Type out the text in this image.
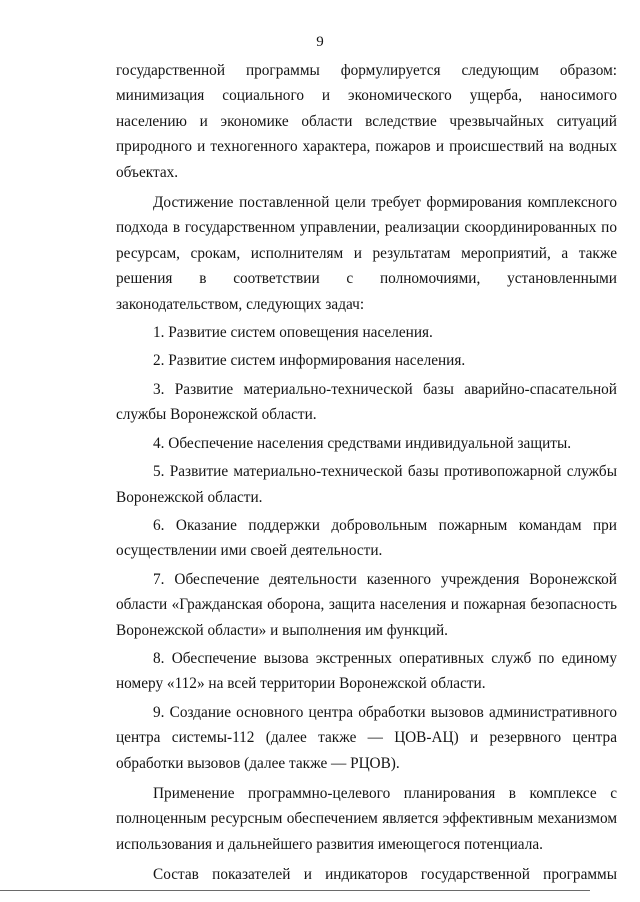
9

государственной программы формулируется следующим образом: минимизация социального и экономического ущерба, наносимого населению и экономике области вследствие чрезвычайных ситуаций природного и техногенного характера, пожаров и происшествий на водных объектах.

Достижение поставленной цели требует формирования комплексного подхода в государственном управлении, реализации скоординированных по ресурсам, срокам, исполнителям и результатам мероприятий, а также решения в соответствии с полномочиями, установленными законодательством, следующих задач:

1. Развитие систем оповещения населения.

2. Развитие систем информирования населения.

3. Развитие материально-технической базы аварийно-спасательной службы Воронежской области.

4. Обеспечение населения средствами индивидуальной защиты.

5. Развитие материально-технической базы противопожарной службы Воронежской области.

6. Оказание поддержки добровольным пожарным командам при осуществлении ими своей деятельности.

7. Обеспечение деятельности казенного учреждения Воронежской области «Гражданская оборона, защита населения и пожарная безопасность Воронежской области» и выполнения им функций.

8. Обеспечение вызова экстренных оперативных служб по единому номеру «112» на всей территории Воронежской области.

9. Создание основного центра обработки вызовов административного центра системы-112 (далее также — ЦОВ-АЦ) и резервного центра обработки вызовов (далее также — РЦОВ).

Применение программно-целевого планирования в комплексе с полноценным ресурсным обеспечением является эффективным механизмом использования и дальнейшего развития имеющегося потенциала.

Состав показателей и индикаторов государственной программы
